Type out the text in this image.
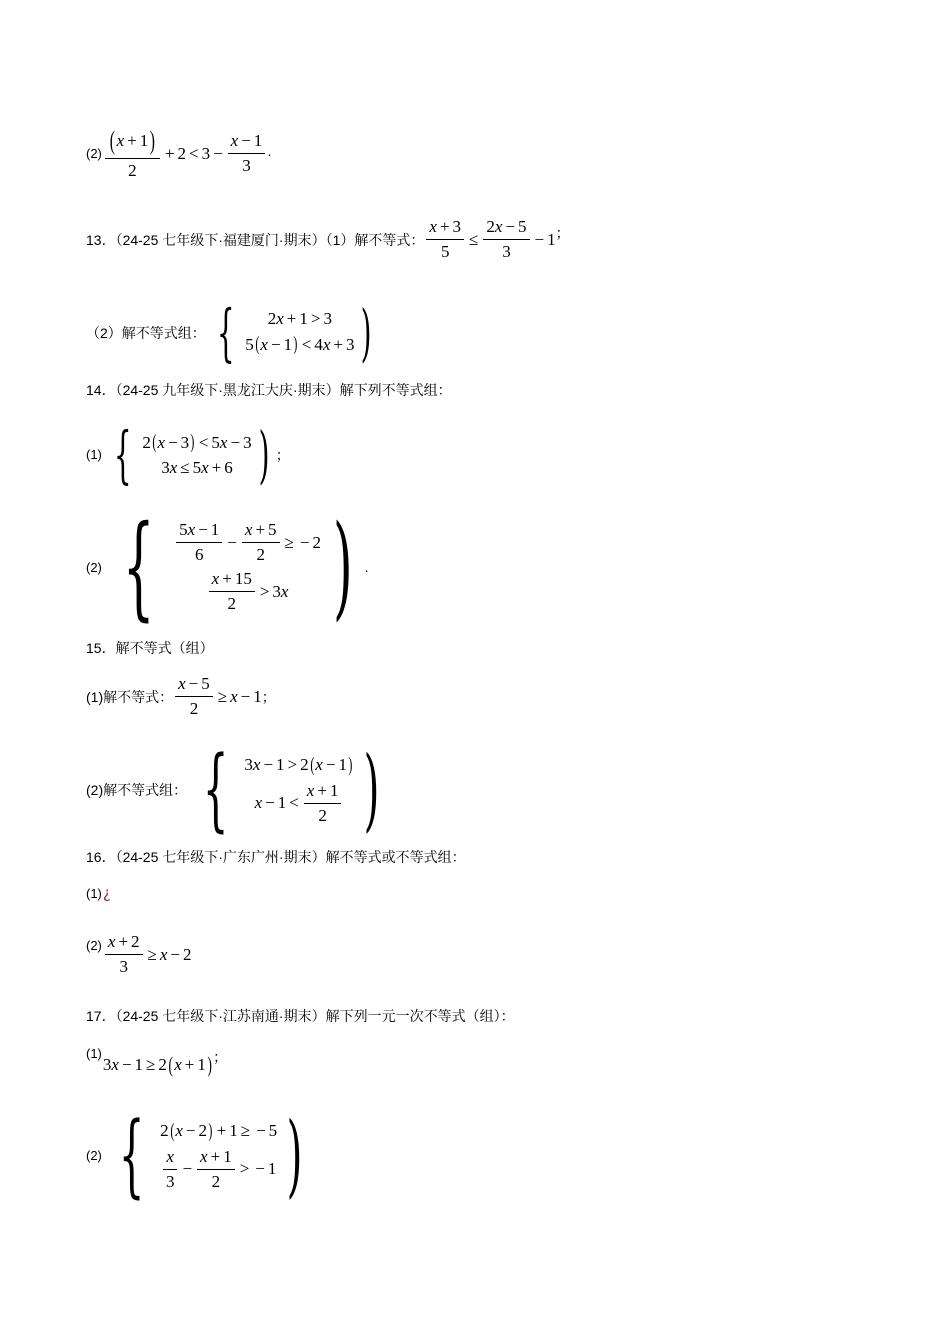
$(2) \frac{( x + 1 )}{2} + 2 < 3 - \frac{x - 1}{3}$ ·
13．（24-25 七年级下·福建厦门·期末）（1）解不等式： $\frac{x + 3}{5} \le \frac{2 x - 5}{3} - 1$ ；
（2）解不等式组： { 2 x + 1 > 3
5 ( x − 1 ) < 4 x + 3 )
14．（24-25 九年级下·黑龙江大庆·期末）解下列不等式组：
(1) { 2 ( x − 3 ) < 5 x − 3
3 x ≤ 5 x + 6 ) ；
(2) { $\frac{5 x - 1}{6} - \frac{x + 5}{2}$ ≥ − 2
$\frac{x + 15}{2} > 3$ x ) .
15．解不等式（组）
(1)解不等式： $\frac{x - 5}{2} \ge x - 1$ ；
(2)解不等式组： { 3 x − 1 > 2 ( x − 1 )
$x - 1 < \frac{x + 1}{2}$ )
16．（24-25 七年级下·广东广州·期末）解不等式或不等式组：
(1) ¿
$(2) \frac{x + 2}{3} \ge x - 2$
17．（24-25 七年级下·江苏南通·期末）解下列一元一次不等式（组）：
(1)
3 x − 1 ≥ 2 ( x + 1 ) ；
(2) { 2 ( x − 2 ) + 1 ≥ − 5
$\frac{x}{3} - \frac{x + 1}{2}$ > − 1 )
